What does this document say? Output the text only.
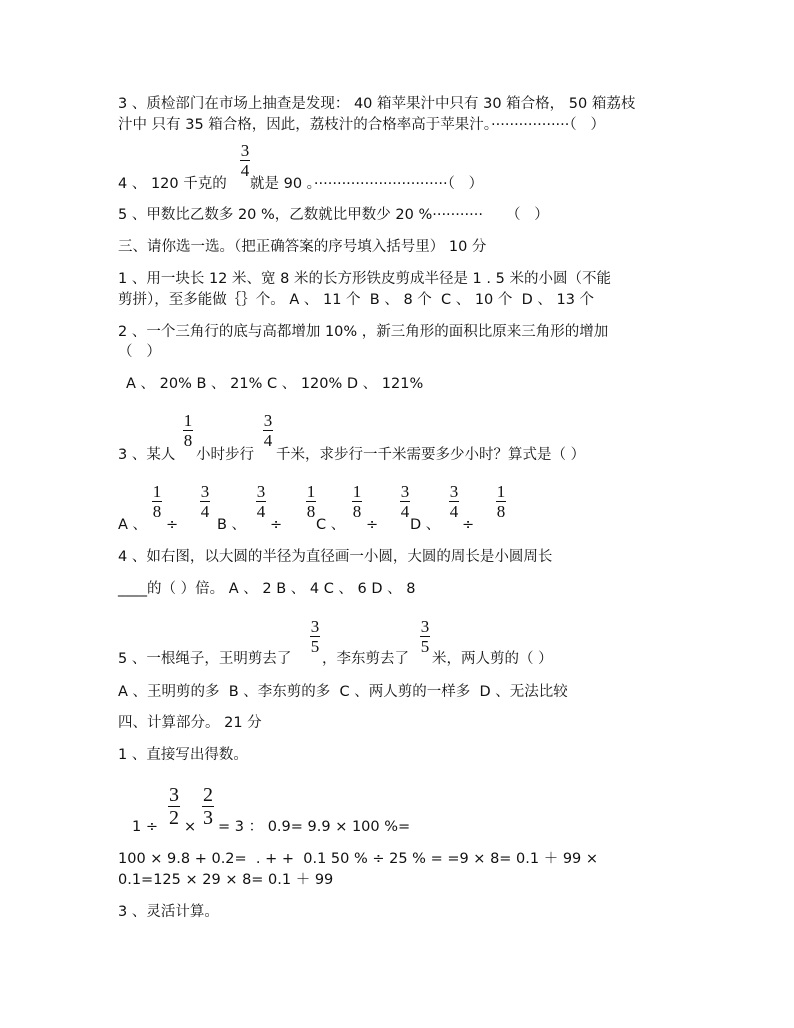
3 、质检部门在市场上抽查是发现： 40 箱苹果汁中只有 30 箱合格， 50 箱荔枝
汁中 只有 35 箱合格，因此，荔枝汁的合格率高于苹果汁。·················（   ）
4 、 120 千克的
3
4
就是 90 。·····························（   ）
5 、甲数比乙数多 20 %，乙数就比甲数少 20 %···········     （   ）
三、请你选一选。（把正确答案的序号填入括号里） 10 分
1 、用一块长 12 米、宽 8 米的长方形铁皮剪成半径是 1 . 5 米的小圆（不能
剪拼），至多能做｛｝个。 A 、 11 个  B 、 8 个  C 、 10 个  D 、 13 个
2 、一个三角行的底与高都增加 10% ，新三角形的面积比原来三角形的增加
（   ）
A 、 20% B 、 21% C 、 120% D 、 121%
3 、某人
1
8
小时步行
3
4
千米，求步行一千米需要多少小时？算式是（ ）
A 、
1
8
÷
3
4
B 、
3
4
÷
1
8
C 、
1
8
÷
3
4
D 、
3
4
÷
1
8
4 、如右图，以大圆的半径为直径画一小圆，大圆的周长是小圆周长
____的（ ）倍。 A 、 2 B 、 4 C 、 6 D 、 8
5 、一根绳子，王明剪去了
3
5
，李东剪去了
3
5
米，两人剪的（ ）
A 、王明剪的多  B 、李东剪的多  C 、两人剪的一样多  D 、无法比较
四、计算部分。 21 分
1 、直接写出得数。
1 ÷
3
2 ×
2
3 = 3 ： 0.9= 9.9 × 100 %=
100 × 9.8 + 0.2=  . + +  0.1 50 % ÷ 25 % = =9 × 8= 0.1 ＋ 99 ×
0.1=125 × 29 × 8= 0.1 ＋ 99
3 、灵活计算。
